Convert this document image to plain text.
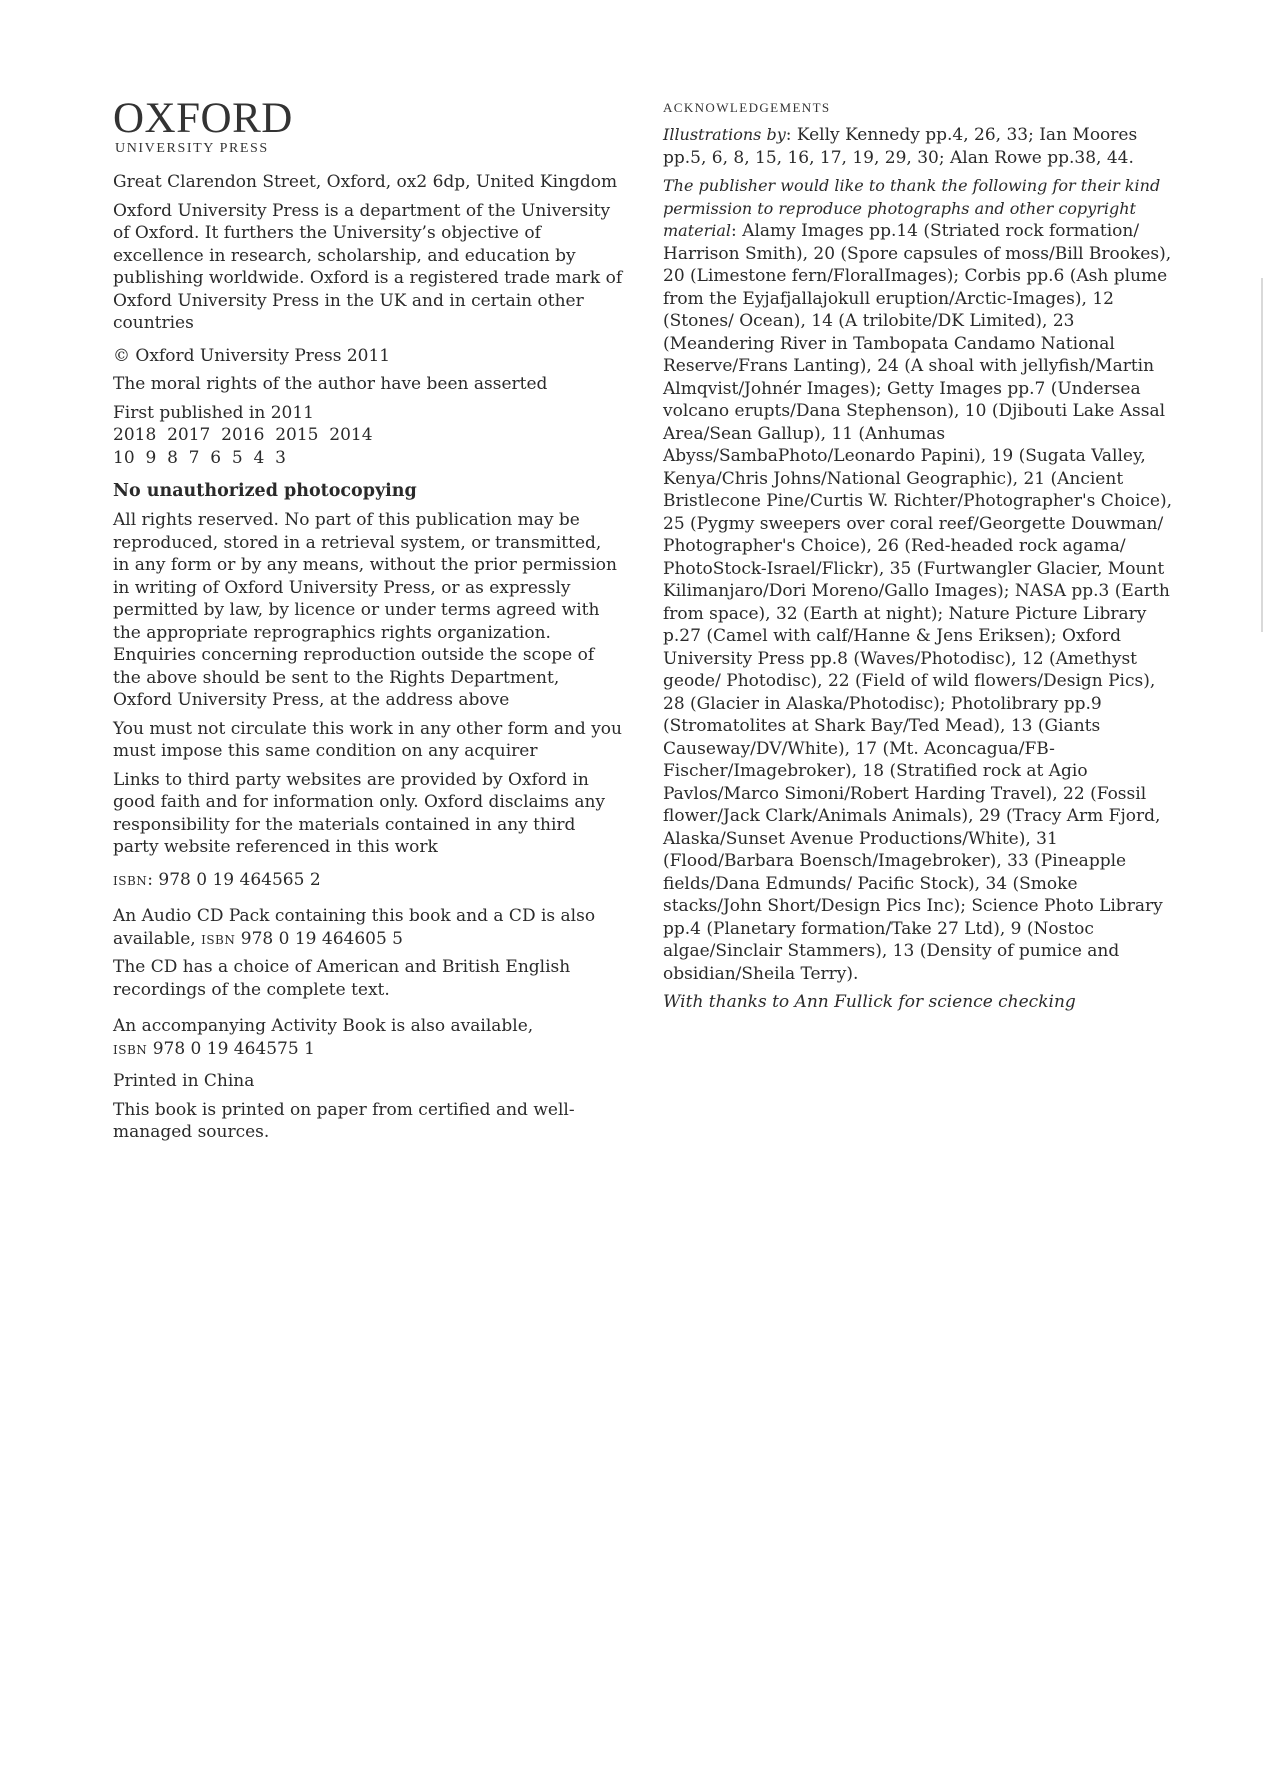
OXFORD
UNIVERSITY PRESS

Great Clarendon Street, Oxford, ox2 6dp, United Kingdom

Oxford University Press is a department of the University of Oxford. It furthers the University’s objective of excellence in research, scholarship, and education by publishing worldwide. Oxford is a registered trade mark of Oxford University Press in the UK and in certain other countries

© Oxford University Press 2011

The moral rights of the author have been asserted

First published in 2011

2018  2017  2016  2015  2014

10  9  8  7  6  5  4  3

No unauthorized photocopying

All rights reserved. No part of this publication may be reproduced, stored in a retrieval system, or transmitted, in any form or by any means, without the prior permission in writing of Oxford University Press, or as expressly permitted by law, by licence or under terms agreed with the appropriate reprographics rights organization. Enquiries concerning reproduction outside the scope of the above should be sent to the Rights Department, Oxford University Press, at the address above

You must not circulate this work in any other form and you must impose this same condition on any acquirer

Links to third party websites are provided by Oxford in good faith and for information only. Oxford disclaims any responsibility for the materials contained in any third party website referenced in this work

isbn: 978 0 19 464565 2

An Audio CD Pack containing this book and a CD is also available, isbn 978 0 19 464605 5

The CD has a choice of American and British English recordings of the complete text.

An accompanying Activity Book is also available,
isbn 978 0 19 464575 1

Printed in China

This book is printed on paper from certified and well-managed sources.

ACKNOWLEDGEMENTS

Illustrations by: Kelly Kennedy pp.4, 26, 33; Ian Moores pp.5, 6, 8, 15, 16, 17, 19, 29, 30; Alan Rowe pp.38, 44.

The publisher would like to thank the following for their kind permission to reproduce photographs and other copyright material: Alamy Images pp.14 (Striated rock formation/ Harrison Smith), 20 (Spore capsules of moss/Bill Brookes), 20 (Limestone fern/FloralImages); Corbis pp.6 (Ash plume from the Eyjafjallajokull eruption/Arctic-Images), 12 (Stones/ Ocean), 14 (A trilobite/DK Limited), 23 (Meandering River in Tambopata Candamo National Reserve/Frans Lanting), 24 (A shoal with jellyfish/Martin Almqvist/Johnér Images); Getty Images pp.7 (Undersea volcano erupts/Dana Stephenson), 10 (Djibouti Lake Assal Area/Sean Gallup), 11 (Anhumas Abyss/SambaPhoto/Leonardo Papini), 19 (Sugata Valley, Kenya/Chris Johns/National Geographic), 21 (Ancient Bristlecone Pine/Curtis W. Richter/Photographer's Choice), 25 (Pygmy sweepers over coral reef/Georgette Douwman/ Photographer's Choice), 26 (Red-headed rock agama/ PhotoStock-Israel/Flickr), 35 (Furtwangler Glacier, Mount Kilimanjaro/Dori Moreno/Gallo Images); NASA pp.3 (Earth from space), 32 (Earth at night); Nature Picture Library p.27 (Camel with calf/Hanne & Jens Eriksen); Oxford University Press pp.8 (Waves/Photodisc), 12 (Amethyst geode/ Photodisc), 22 (Field of wild flowers/Design Pics), 28 (Glacier in Alaska/Photodisc); Photolibrary pp.9 (Stromatolites at Shark Bay/Ted Mead), 13 (Giants Causeway/DV/White), 17 (Mt. Aconcagua/FB-Fischer/Imagebroker), 18 (Stratified rock at Agio Pavlos/Marco Simoni/Robert Harding Travel), 22 (Fossil flower/Jack Clark/Animals Animals), 29 (Tracy Arm Fjord, Alaska/Sunset Avenue Productions/White), 31 (Flood/Barbara Boensch/Imagebroker), 33 (Pineapple fields/Dana Edmunds/ Pacific Stock), 34 (Smoke stacks/John Short/Design Pics Inc); Science Photo Library pp.4 (Planetary formation/Take 27 Ltd), 9 (Nostoc algae/Sinclair Stammers), 13 (Density of pumice and obsidian/Sheila Terry).

With thanks to Ann Fullick for science checking
